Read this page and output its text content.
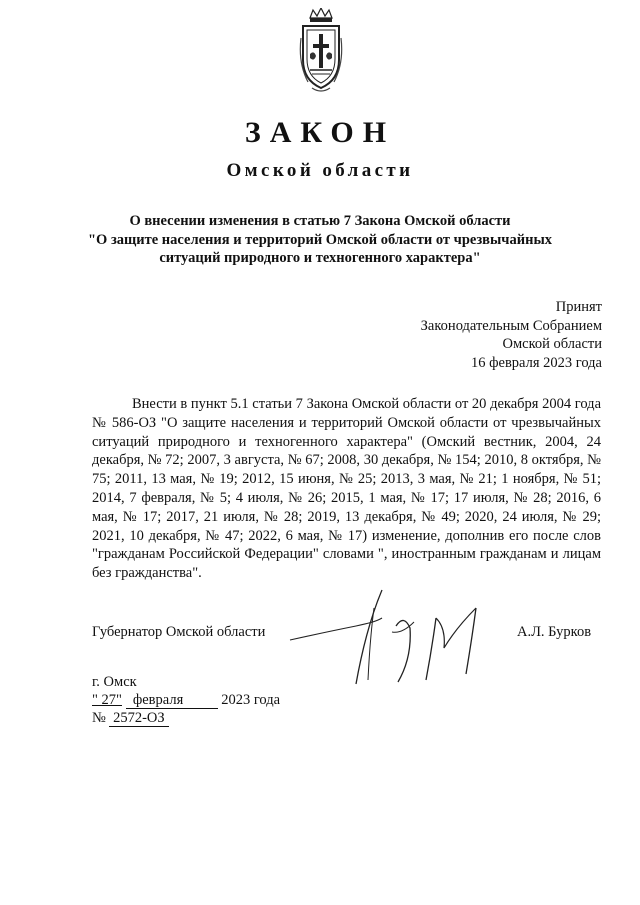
ЗАКОН
Омской области
О внесении изменения в статью 7 Закона Омской области
"О защите населения и территорий Омской области от чрезвычайных
ситуаций природного и техногенного характера"
Принят
Законодательным Собранием
Омской области
16 февраля 2023 года
Внести в пункт 5.1 статьи 7 Закона Омской области от 20 декабря 2004 года № 586-ОЗ "О защите населения и территорий Омской области от чрезвычайных ситуаций природного и техногенного характера" (Омский вестник, 2004, 24 декабря, № 72; 2007, 3 августа, № 67; 2008, 30 декабря, № 154; 2010, 8 октября, № 75; 2011, 13 мая, № 19; 2012, 15 июня, № 25; 2013, 3 мая, № 21; 1 ноября, № 51; 2014, 7 февраля, № 5; 4 июля, № 26; 2015, 1 мая, № 17; 17 июля, № 28; 2016, 6 мая, № 17; 2017, 21 июля, № 28; 2019, 13 декабря, № 49; 2020, 24 июля, № 29; 2021, 10 декабря, № 47; 2022, 6 мая, № 17) изменение, дополнив его после слов "гражданам Российской Федерации" словами ", иностранным гражданам и лицам без гражданства".
Губернатор Омской области	А.Л. Бурков
г. Омск
" 27" февраля	2023 года
№ 2572-ОЗ
